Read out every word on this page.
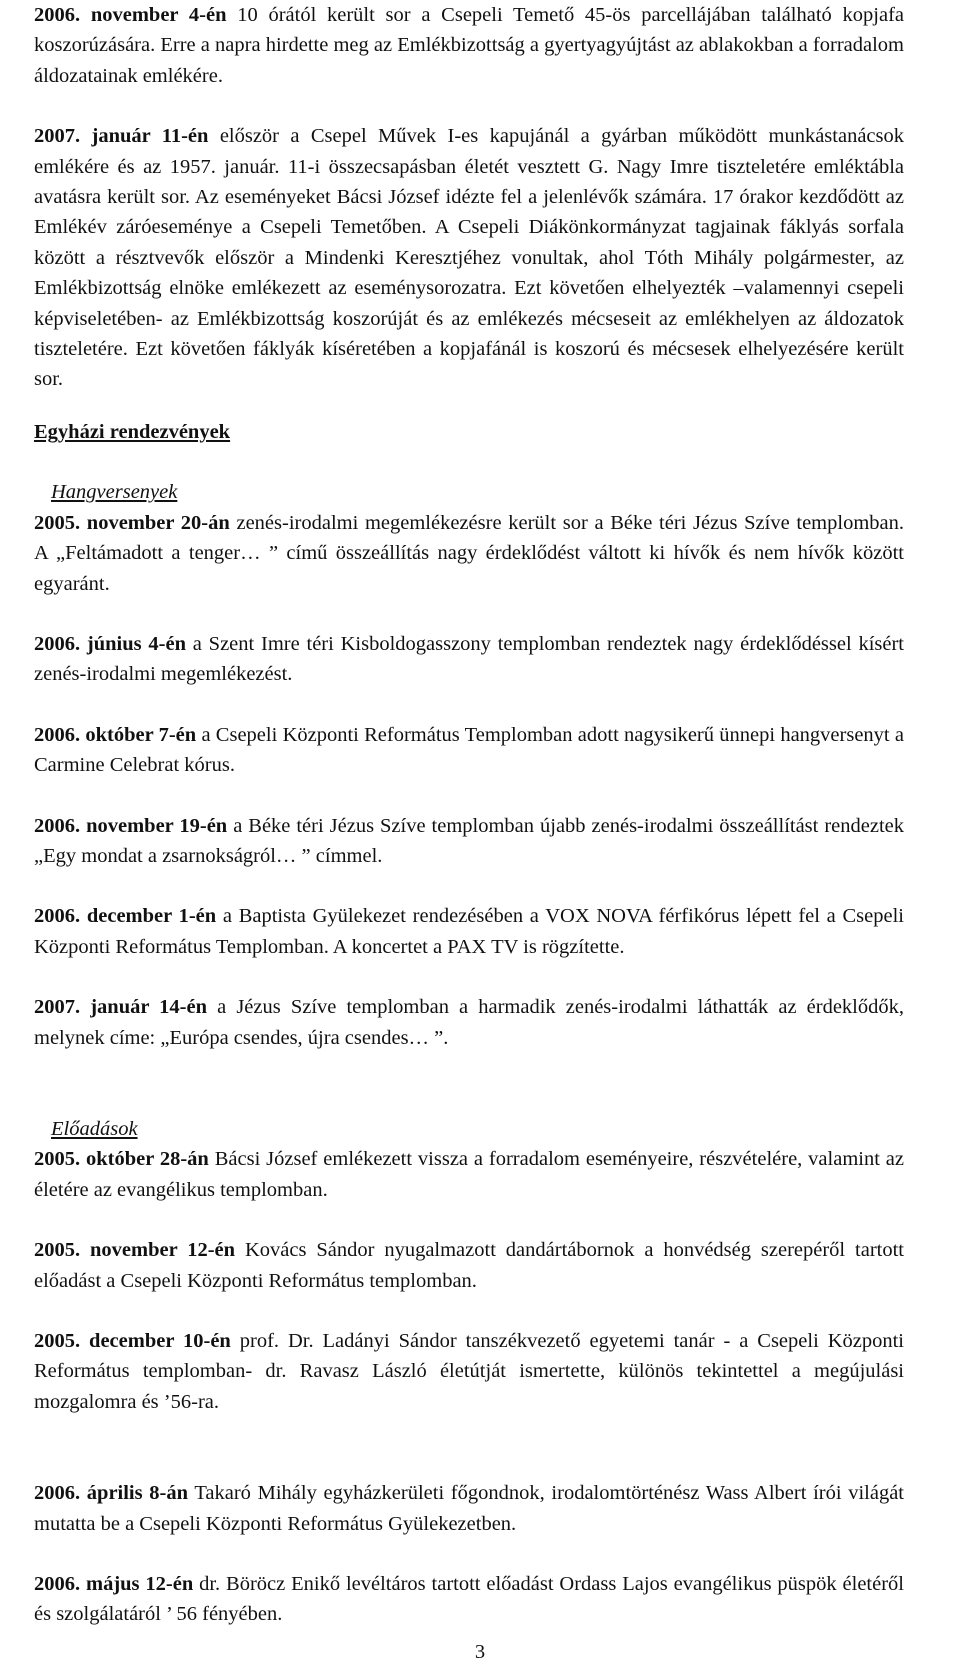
2006. november 4-én 10 órától került sor a Csepeli Temető 45-ös parcellájában található kopjafa koszorúzására. Erre a napra hirdette meg az Emlékbizottság a gyertyagyújtást az ablakokban a forradalom áldozatainak emlékére.

2007. január 11-én először a Csepel Művek I-es kapujánál a gyárban működött munkástanácsok emlékére és az 1957. január. 11-i összecsapásban életét vesztett G. Nagy Imre tiszteletére emléktábla avatásra került sor. Az eseményeket Bácsi József idézte fel a jelenlévők számára. 17 órakor kezdődött az Emlékév záróeseménye a Csepeli Temetőben. A Csepeli Diákönkormányzat tagjainak fáklyás sorfala között a résztvevők először a Mindenki Keresztjéhez vonultak, ahol Tóth Mihály polgármester, az Emlékbizottság elnöke emlékezett az eseménysorozatra. Ezt követően elhelyezték –valamennyi csepeli képviseletében- az Emlékbizottság koszorúját és az emlékezés mécseseit az emlékhelyen az áldozatok tiszteletére. Ezt követően fáklyák kíséretében a kopjafánál is koszorú és mécsesek elhelyezésére került sor.

Egyházi rendezvények

Hangversenyek

2005. november 20-án zenés-irodalmi megemlékezésre került sor a Béke téri Jézus Szíve templomban. A „Feltámadott a tenger… ” című összeállítás nagy érdeklődést váltott ki hívők és nem hívők között egyaránt.

2006. június 4-én a Szent Imre téri Kisboldogasszony templomban rendeztek nagy érdeklődéssel kísért zenés-irodalmi megemlékezést.

2006. október 7-én a Csepeli Központi Református Templomban adott nagysikerű ünnepi hangversenyt a Carmine Celebrat kórus.

2006. november 19-én a Béke téri Jézus Szíve templomban újabb zenés-irodalmi összeállítást rendeztek „Egy mondat a zsarnokságról… ” címmel.

2006. december 1-én a Baptista Gyülekezet rendezésében a VOX NOVA férfikórus lépett fel a Csepeli Központi Református Templomban. A koncertet a PAX TV is rögzítette.

2007. január 14-én a Jézus Szíve templomban a harmadik zenés-irodalmi láthatták az érdeklődők, melynek címe: „Európa csendes, újra csendes… ”.

Előadások

2005. október 28-án Bácsi József emlékezett vissza a forradalom eseményeire, részvételére, valamint az életére az evangélikus templomban.

2005. november 12-én Kovács Sándor nyugalmazott dandártábornok a honvédség szerepéről tartott előadást a Csepeli Központi Református templomban.

2005. december 10-én prof. Dr. Ladányi Sándor tanszékvezető egyetemi tanár - a Csepeli Központi Református templomban- dr. Ravasz László életútját ismertette, különös tekintettel a megújulási mozgalomra és ’56-ra.

2006. április 8-án Takaró Mihály egyházkerületi főgondnok, irodalomtörténész Wass Albert írói világát mutatta be a Csepeli Központi Református Gyülekezetben.

2006. május 12-én dr. Böröcz Enikő levéltáros tartott előadást Ordass Lajos evangélikus püspök életéről és szolgálatáról ’ 56 fényében.

3
